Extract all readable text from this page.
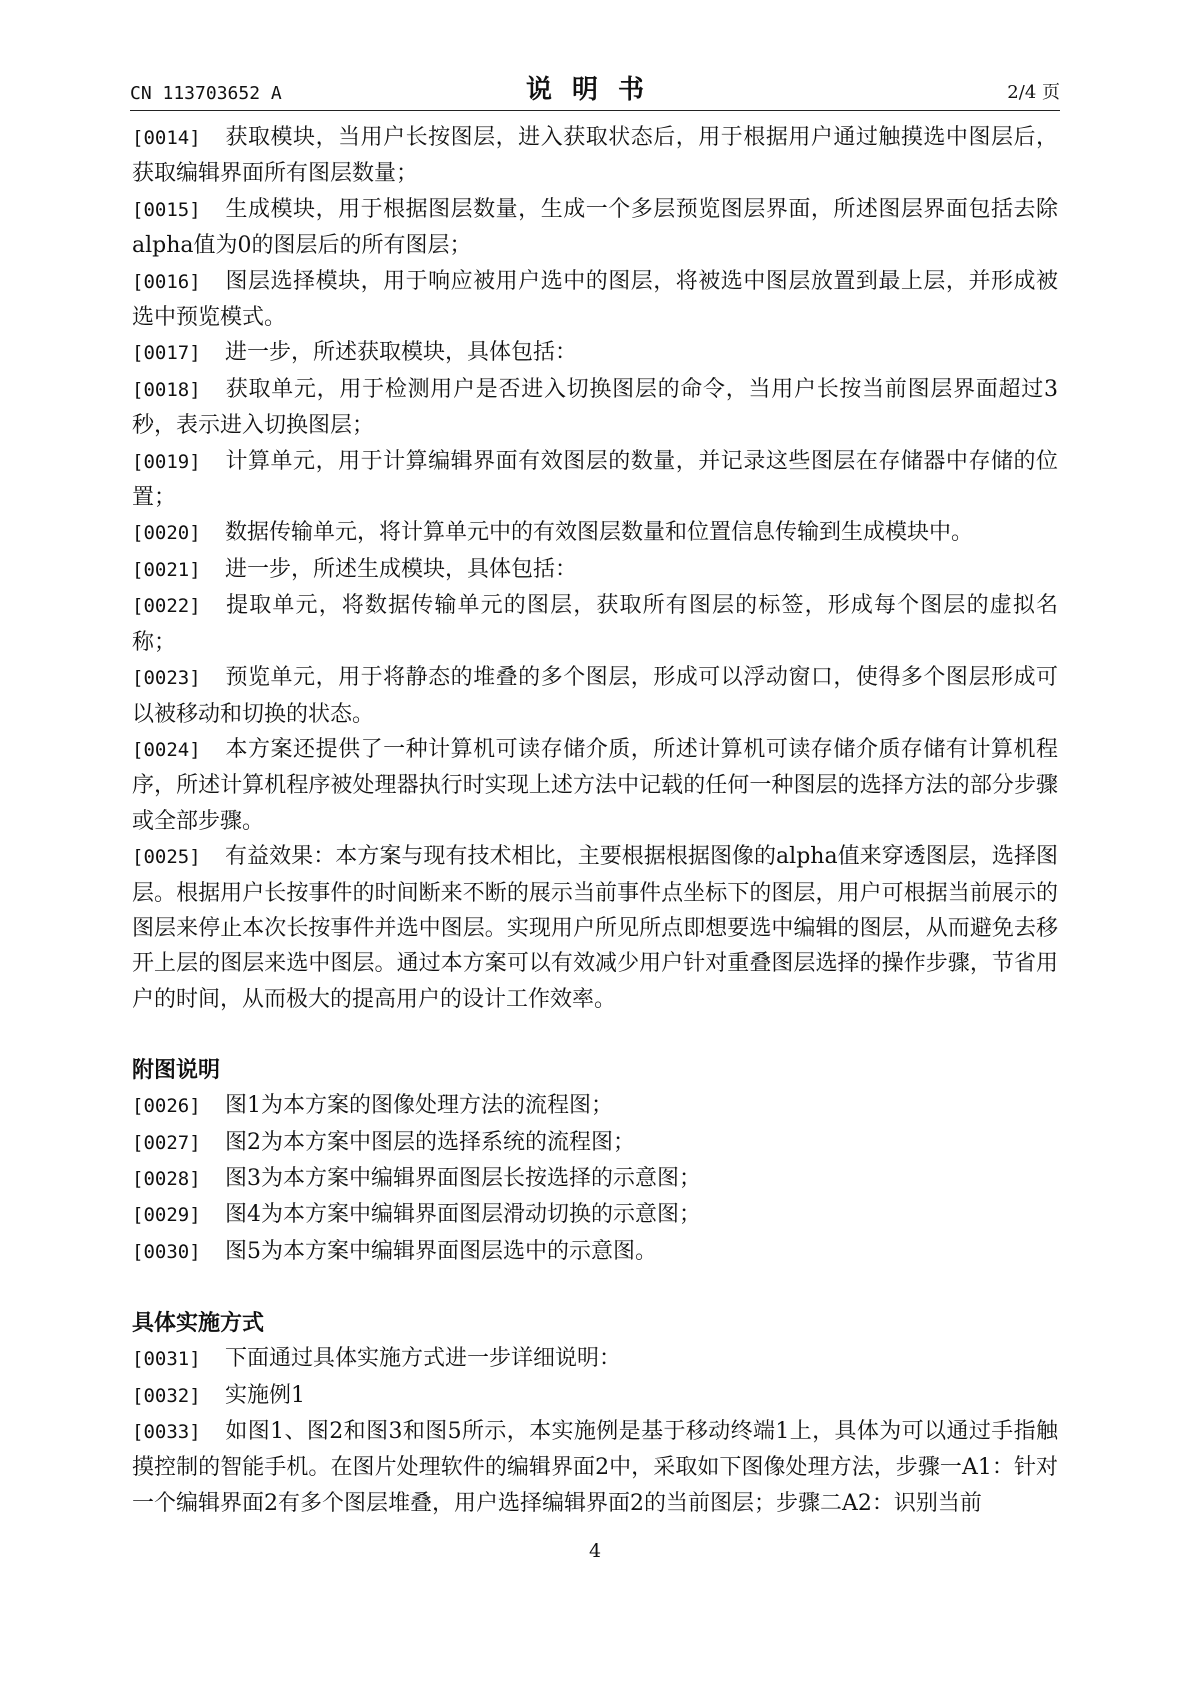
CN 113703652 A	说明书	2/4 页

[0014] 获取模块，当用户长按图层，进入获取状态后，用于根据用户通过触摸选中图层后，获取编辑界面所有图层数量；

[0015] 生成模块，用于根据图层数量，生成一个多层预览图层界面，所述图层界面包括去除alpha值为0的图层后的所有图层；

[0016] 图层选择模块，用于响应被用户选中的图层，将被选中图层放置到最上层，并形成被选中预览模式。

[0017] 进一步，所述获取模块，具体包括：

[0018] 获取单元，用于检测用户是否进入切换图层的命令，当用户长按当前图层界面超过3秒，表示进入切换图层；

[0019] 计算单元，用于计算编辑界面有效图层的数量，并记录这些图层在存储器中存储的位置；

[0020] 数据传输单元，将计算单元中的有效图层数量和位置信息传输到生成模块中。

[0021] 进一步，所述生成模块，具体包括：

[0022] 提取单元，将数据传输单元的图层，获取所有图层的标签，形成每个图层的虚拟名称；

[0023] 预览单元，用于将静态的堆叠的多个图层，形成可以浮动窗口，使得多个图层形成可以被移动和切换的状态。

[0024] 本方案还提供了一种计算机可读存储介质，所述计算机可读存储介质存储有计算机程序，所述计算机程序被处理器执行时实现上述方法中记载的任何一种图层的选择方法的部分步骤或全部步骤。

[0025] 有益效果：本方案与现有技术相比，主要根据根据图像的alpha值来穿透图层，选择图层。根据用户长按事件的时间断来不断的展示当前事件点坐标下的图层，用户可根据当前展示的图层来停止本次长按事件并选中图层。实现用户所见所点即想要选中编辑的图层，从而避免去移开上层的图层来选中图层。通过本方案可以有效减少用户针对重叠图层选择的操作步骤，节省用户的时间，从而极大的提高用户的设计工作效率。

附图说明

[0026] 图1为本方案的图像处理方法的流程图；

[0027] 图2为本方案中图层的选择系统的流程图；

[0028] 图3为本方案中编辑界面图层长按选择的示意图；

[0029] 图4为本方案中编辑界面图层滑动切换的示意图；

[0030] 图5为本方案中编辑界面图层选中的示意图。

具体实施方式

[0031] 下面通过具体实施方式进一步详细说明：

[0032] 实施例1

[0033] 如图1、图2和图3和图5所示，本实施例是基于移动终端1上，具体为可以通过手指触摸控制的智能手机。在图片处理软件的编辑界面2中，采取如下图像处理方法，步骤一A1：针对一个编辑界面2有多个图层堆叠，用户选择编辑界面2的当前图层；步骤二A2：识别当前

4
